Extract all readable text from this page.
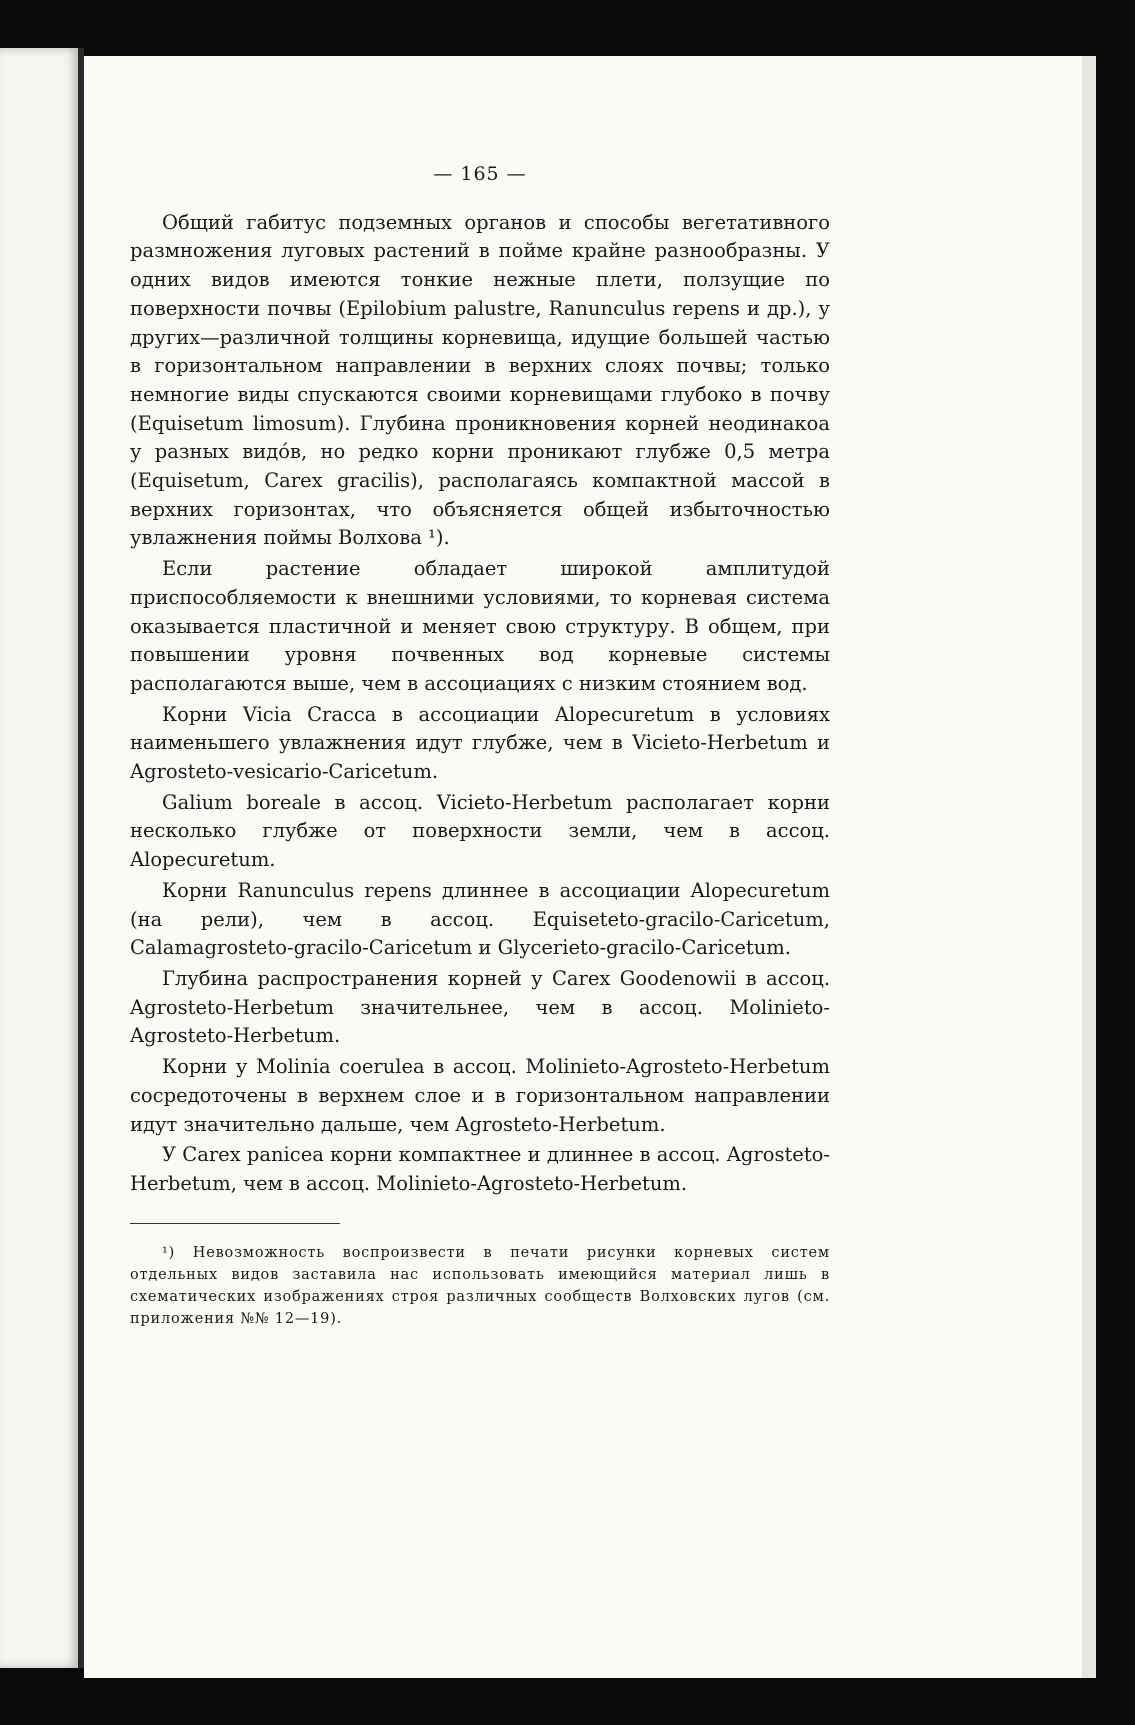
— 165 —

Общий габитус подземных органов и способы вегетативного размножения луговых растений в пойме крайне разнообразны. У одних видов имеются тонкие нежные плети, ползущие по поверхности почвы (Epilobium palustre, Ranunculus repens и др.), у других—различной толщины корневища, идущие большей частью в горизонтальном направлении в верхних слоях почвы; только немногие виды спускаются своими корневищами глубоко в почву (Equisetum limosum). Глубина проникновения корней неодинакоа у разных видо́в, но редко корни проникают глубже 0,5 метра (Equisetum, Carex gracilis), располагаясь компактной массой в верхних горизонтах, что объясняется общей избыточностью увлажнения поймы Волхова ¹).

Если растение обладает широкой амплитудой приспособляемости к внешними условиями, то корневая система оказывается пластичной и меняет свою структуру. В общем, при повышении уровня почвенных вод корневые системы располагаются выше, чем в ассоциациях с низким стоянием вод.

Корни Vicia Cracca в ассоциации Alopecuretum в условиях наименьшего увлажнения идут глубже, чем в Vicieto-Herbetum и Agrosteto-vesicario-Caricetum.

Galium boreale в ассоц. Vicieto-Herbetum располагает корни несколько глубже от поверхности земли, чем в ассоц. Alopecuretum.

Корни Ranunculus repens длиннее в ассоциации Alopecuretum (на рели), чем в ассоц. Equiseteto-gracilo-Caricetum, Calamagrosteto-gracilo-Caricetum и Glycerieto-gracilo-Caricetum.

Глубина распространения корней у Carex Goodenowii в ассоц. Agrosteto-Herbetum значительнее, чем в ассоц. Molinieto-Agrosteto-Herbetum.

Корни у Molinia coerulea в ассоц. Molinieto-Agrosteto-Herbetum сосредоточены в верхнем слое и в горизонтальном направлении идут значительно дальше, чем Agrosteto-Herbetum.

У Carex panicea корни компактнее и длиннее в ассоц. Agrosteto-Herbetum, чем в ассоц. Molinieto-Agrosteto-Herbetum.

¹) Невозможность воспроизвести в печати рисунки корневых систем отдельных видов заставила нас использовать имеющийся материал лишь в схематических изображениях строя различных сообществ Волховских лугов (см. приложения №№ 12—19).
